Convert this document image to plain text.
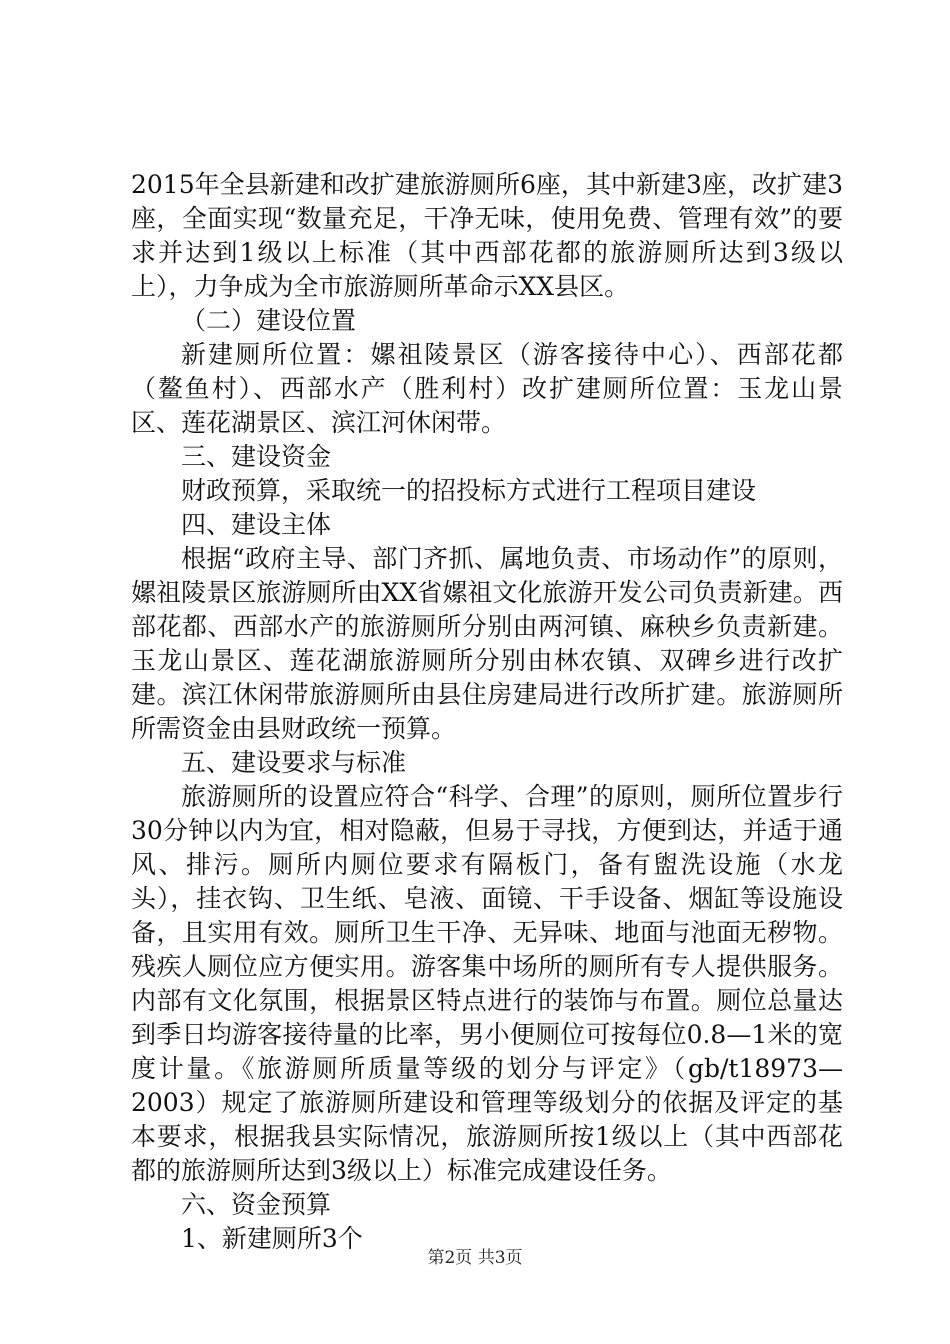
2015年全县新建和改扩建旅游厕所6座，其中新建3座，改扩建3座，全面实现“数量充足，干净无味，使用免费、管理有效”的要求并达到1级以上标准（其中西部花都的旅游厕所达到3级以上），力争成为全市旅游厕所革命示XX县区。

（二）建设位置

新建厕所位置：嫘祖陵景区（游客接待中心）、西部花都（鳌鱼村）、西部水产（胜利村）改扩建厕所位置：玉龙山景区、莲花湖景区、滨江河休闲带。

三、建设资金

财政预算，采取统一的招投标方式进行工程项目建设

四、建设主体

根据“政府主导、部门齐抓、属地负责、市场动作”的原则，嫘祖陵景区旅游厕所由XX省嫘祖文化旅游开发公司负责新建。西部花都、西部水产的旅游厕所分别由两河镇、麻秧乡负责新建。玉龙山景区、莲花湖旅游厕所分别由林农镇、双碑乡进行改扩建。滨江休闲带旅游厕所由县住房建局进行改所扩建。旅游厕所所需资金由县财政统一预算。

五、建设要求与标准

旅游厕所的设置应符合“科学、合理”的原则，厕所位置步行30分钟以内为宜，相对隐蔽，但易于寻找，方便到达，并适于通风、排污。厕所内厕位要求有隔板门，备有盥洗设施（水龙头），挂衣钩、卫生纸、皂液、面镜、干手设备、烟缸等设施设备，且实用有效。厕所卫生干净、无异味、地面与池面无秽物。残疾人厕位应方便实用。游客集中场所的厕所有专人提供服务。内部有文化氛围，根据景区特点进行的装饰与布置。厕位总量达到季日均游客接待量的比率，男小便厕位可按每位0.8—1米的宽度计量。《旅游厕所质量等级的划分与评定》（gb/t18973—2003）规定了旅游厕所建设和管理等级划分的依据及评定的基本要求，根据我县实际情况，旅游厕所按1级以上（其中西部花都的旅游厕所达到3级以上）标准完成建设任务。

六、资金预算

1、新建厕所3个

第2页 共3页
